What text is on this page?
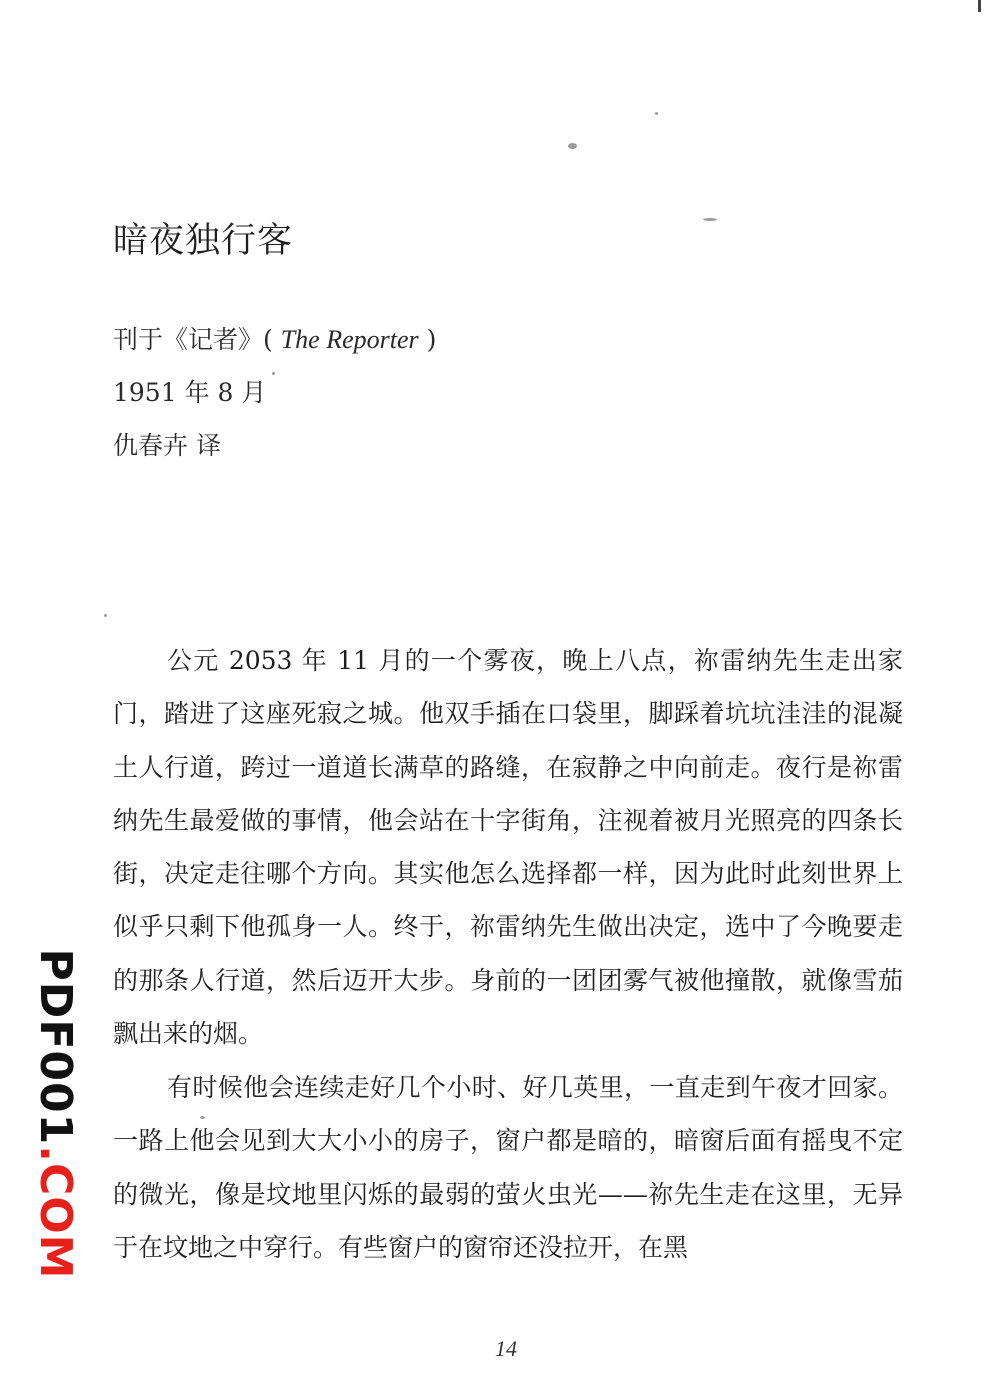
暗夜独行客
刊于《记者》( The Reporter )
1951 年 8 月
仇春卉 译

公元 2053 年 11 月的一个雾夜，晚上八点，祢雷纳先生走出家门，踏进了这座死寂之城。他双手插在口袋里，脚踩着坑坑洼洼的混凝土人行道，跨过一道道长满草的路缝，在寂静之中向前走。夜行是祢雷纳先生最爱做的事情，他会站在十字街角，注视着被月光照亮的四条长街，决定走往哪个方向。其实他怎么选择都一样，因为此时此刻世界上似乎只剩下他孤身一人。终于，祢雷纳先生做出决定，选中了今晚要走的那条人行道，然后迈开大步。身前的一团团雾气被他撞散，就像雪茄飘出来的烟。

有时候他会连续走好几个小时、好几英里，一直走到午夜才回家。一路上他会见到大大小小的房子，窗户都是暗的，暗窗后面有摇曳不定的微光，像是坟地里闪烁的最弱的萤火虫光——祢先生走在这里，无异于在坟地之中穿行。有些窗户的窗帘还没拉开，在黑

14
PDF001.COM
